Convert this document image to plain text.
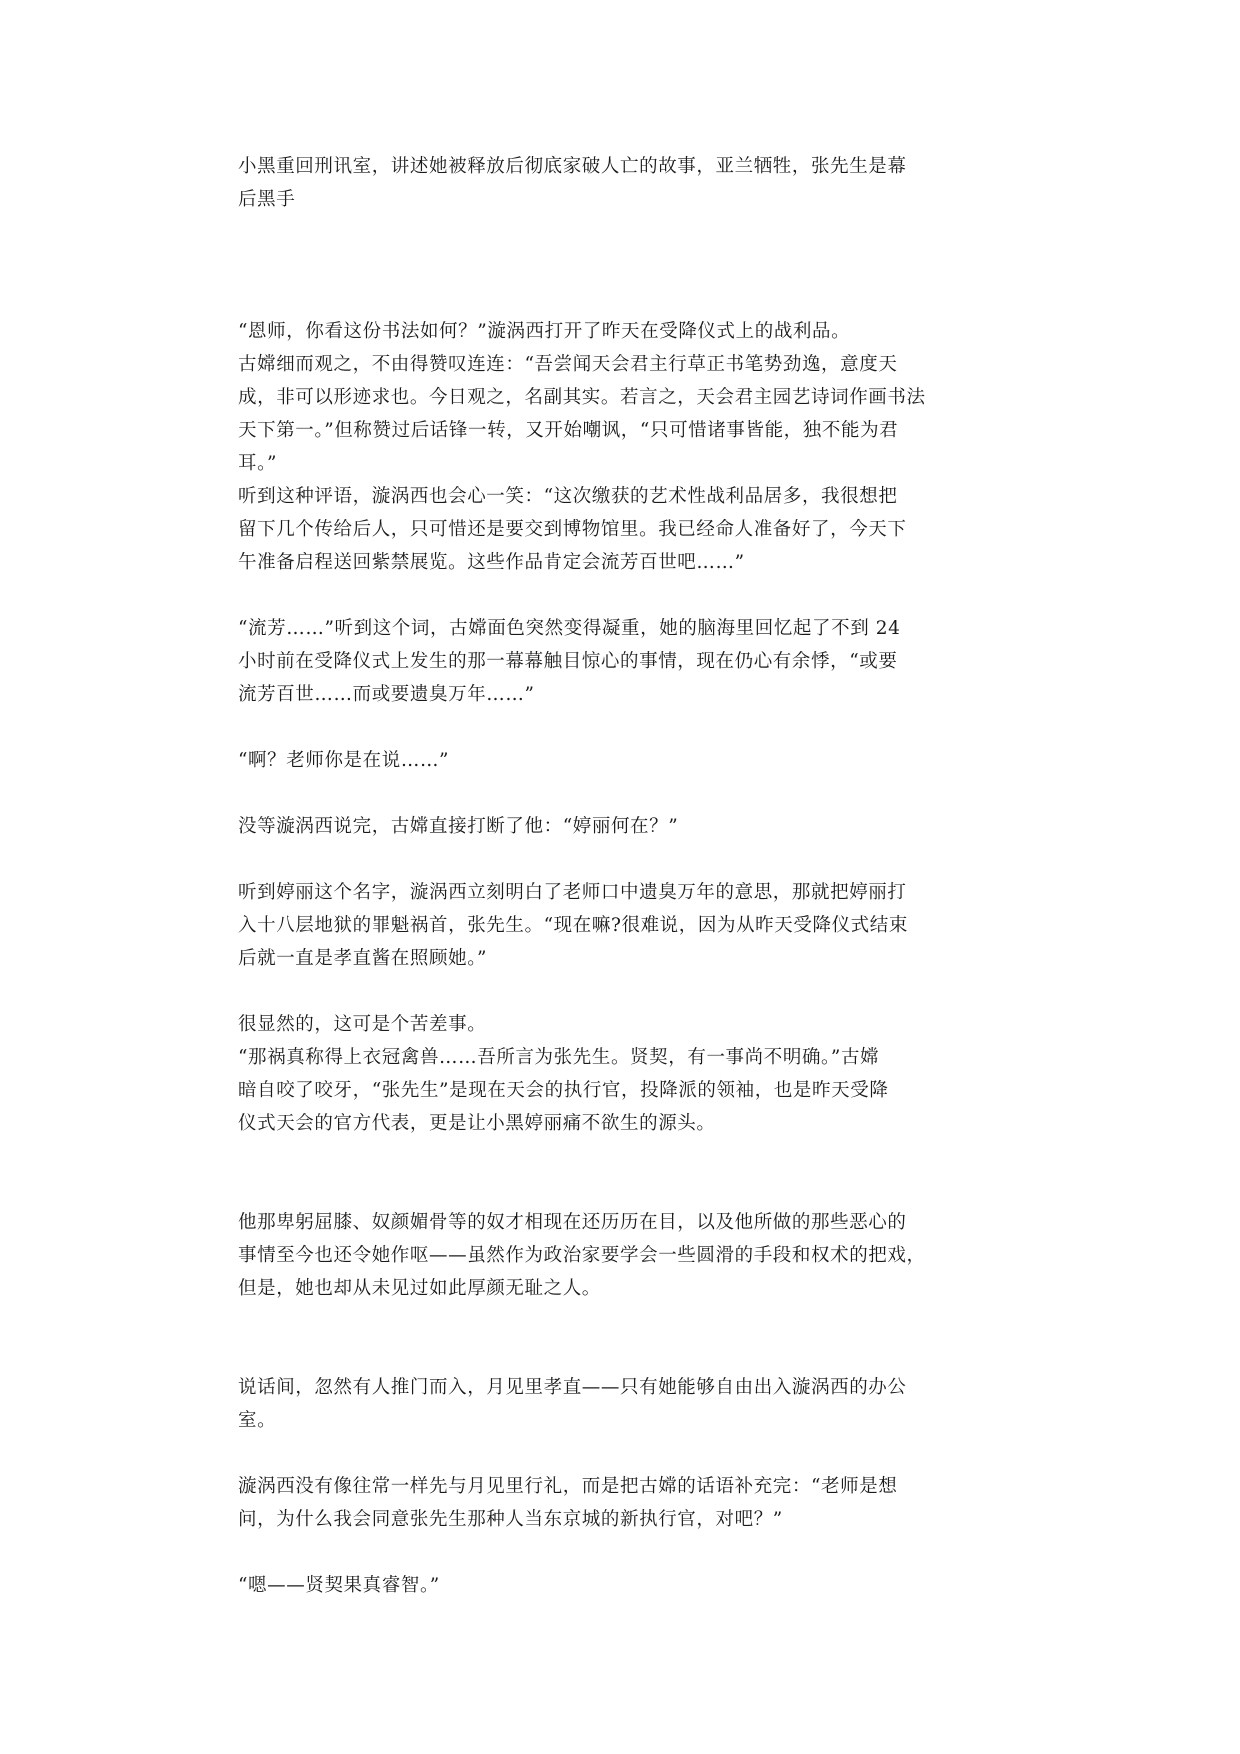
小黑重回刑讯室，讲述她被释放后彻底家破人亡的故事，亚兰牺牲，张先生是幕
后黑手
“恩师，你看这份书法如何？”漩涡西打开了昨天在受降仪式上的战利品。
古嫦细而观之，不由得赞叹连连：“吾尝闻天会君主行草正书笔势劲逸，意度天
成，非可以形迹求也。今日观之，名副其实。若言之，天会君主园艺诗词作画书法
天下第一。”但称赞过后话锋一转，又开始嘲讽，“只可惜诸事皆能，独不能为君
耳。”
听到这种评语，漩涡西也会心一笑：“这次缴获的艺术性战利品居多，我很想把
留下几个传给后人，只可惜还是要交到博物馆里。我已经命人准备好了，今天下
午准备启程送回紫禁展览。这些作品肯定会流芳百世吧……”
“流芳……”听到这个词，古嫦面色突然变得凝重，她的脑海里回忆起了不到 24
小时前在受降仪式上发生的那一幕幕触目惊心的事情，现在仍心有余悸，“或要
流芳百世……而或要遗臭万年……”
“啊？老师你是在说……”
没等漩涡西说完，古嫦直接打断了他：“婷丽何在？”
听到婷丽这个名字，漩涡西立刻明白了老师口中遗臭万年的意思，那就把婷丽打
入十八层地狱的罪魁祸首，张先生。“现在嘛?很难说，因为从昨天受降仪式结束
后就一直是孝直酱在照顾她。”
很显然的，这可是个苦差事。
“那祸真称得上衣冠禽兽……吾所言为张先生。贤契，有一事尚不明确。”古嫦
暗自咬了咬牙，“张先生”是现在天会的执行官，投降派的领袖，也是昨天受降
仪式天会的官方代表，更是让小黑婷丽痛不欲生的源头。
他那卑躬屈膝、奴颜媚骨等的奴才相现在还历历在目，以及他所做的那些恶心的
事情至今也还令她作呕——虽然作为政治家要学会一些圆滑的手段和权术的把戏，
但是，她也却从未见过如此厚颜无耻之人。
说话间，忽然有人推门而入，月见里孝直——只有她能够自由出入漩涡西的办公
室。
漩涡西没有像往常一样先与月见里行礼，而是把古嫦的话语补充完：“老师是想
问，为什么我会同意张先生那种人当东京城的新执行官，对吧？”
“嗯——贤契果真睿智。”
